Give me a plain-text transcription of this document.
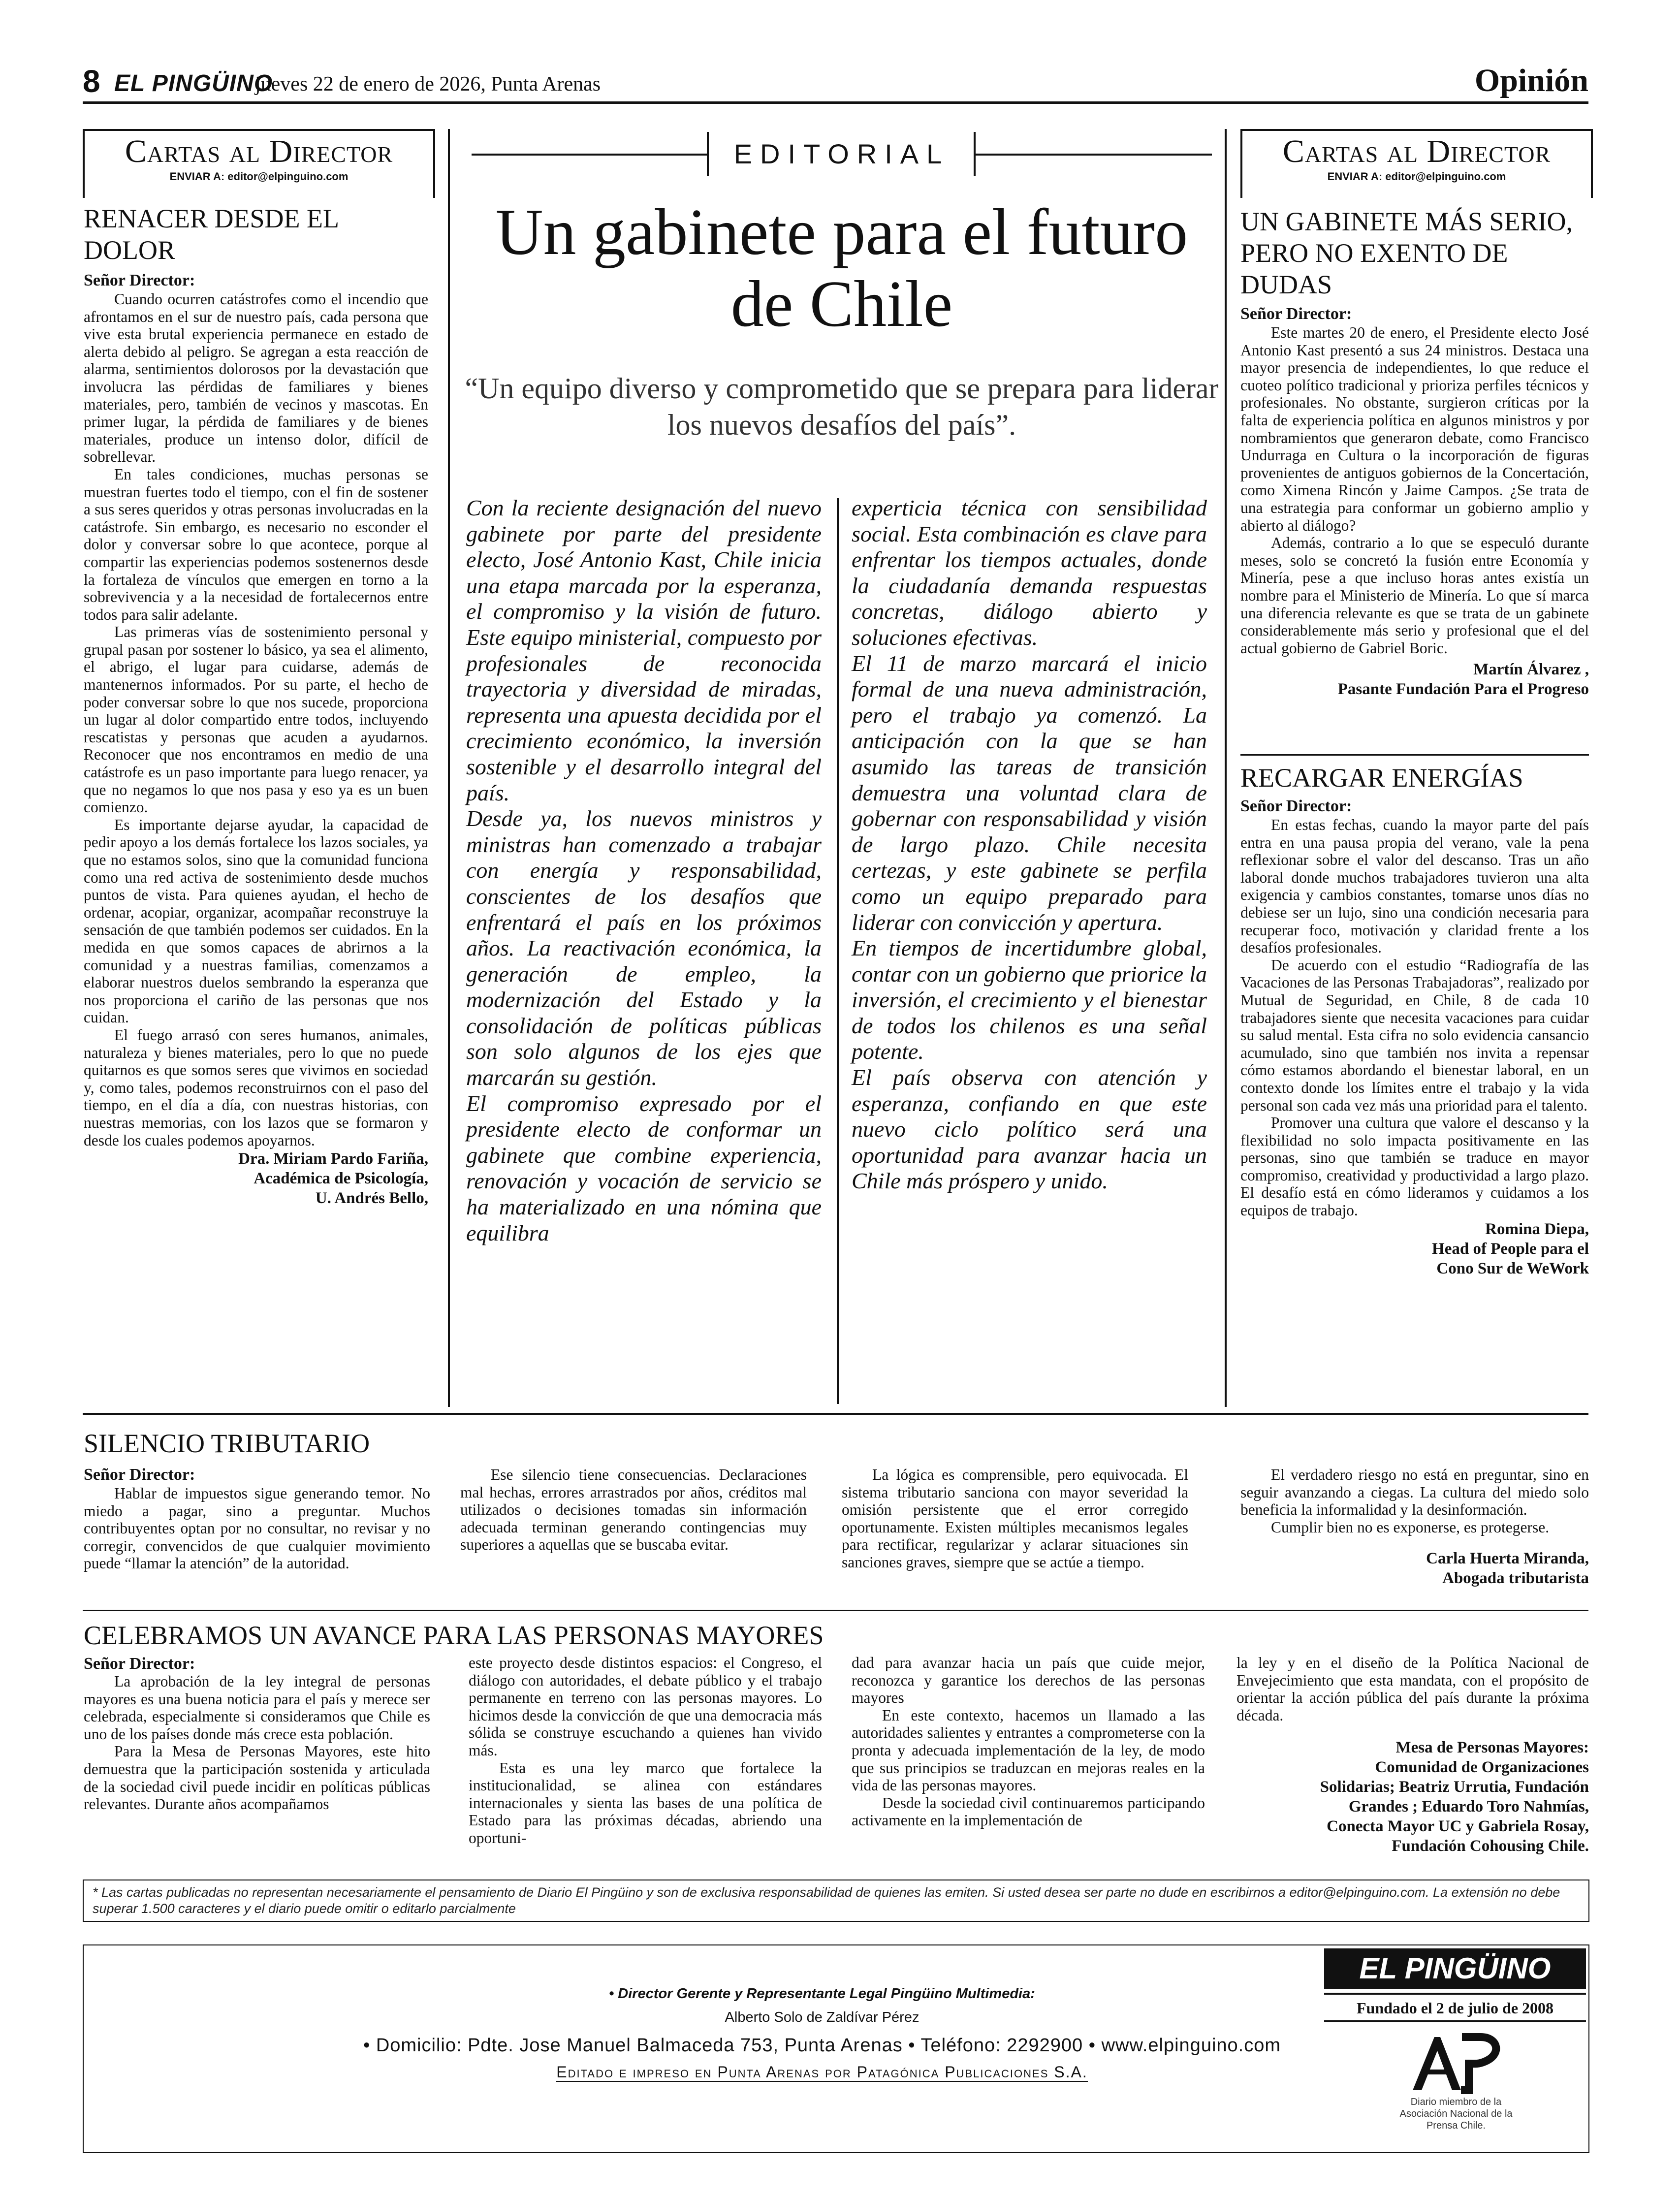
8 EL PINGÜINO
jueves 22 de enero de 2026, Punta Arenas	Opinión
Cartas al Director
ENVIAR A: editor@elpinguino.com
RENACER DESDE EL DOLOR
Señor Director:

Cuando ocurren catástrofes como el incendio que afrontamos en el sur de nuestro país, cada persona que vive esta brutal experiencia permanece en estado de alerta debido al peligro. Se agregan a esta reacción de alarma, sentimientos dolorosos por la devastación que involucra las pérdidas de familiares y bienes materiales, pero, también de vecinos y mascotas. En primer lugar, la pérdida de familiares y de bienes materiales, produce un intenso dolor, difícil de sobrellevar.

En tales condiciones, muchas personas se muestran fuertes todo el tiempo, con el fin de sostener a sus seres queridos y otras personas involucradas en la catástrofe. Sin embargo, es necesario no esconder el dolor y conversar sobre lo que acontece, porque al compartir las experiencias podemos sostenernos desde la fortaleza de vínculos que emergen en torno a la sobrevivencia y a la necesidad de fortalecernos entre todos para salir adelante.

Las primeras vías de sostenimiento personal y grupal pasan por sostener lo básico, ya sea el alimento, el abrigo, el lugar para cuidarse, además de mantenernos informados. Por su parte, el hecho de poder conversar sobre lo que nos sucede, proporciona un lugar al dolor compartido entre todos, incluyendo rescatistas y personas que acuden a ayudarnos. Reconocer que nos encontramos en medio de una catástrofe es un paso importante para luego renacer, ya que no negamos lo que nos pasa y eso ya es un buen comienzo.

Es importante dejarse ayudar, la capacidad de pedir apoyo a los demás fortalece los lazos sociales, ya que no estamos solos, sino que la comunidad funciona como una red activa de sostenimiento desde muchos puntos de vista. Para quienes ayudan, el hecho de ordenar, acopiar, organizar, acompañar reconstruye la sensación de que también podemos ser cuidados. En la medida en que somos capaces de abrirnos a la comunidad y a nuestras familias, comenzamos a elaborar nuestros duelos sembrando la esperanza que nos proporciona el cariño de las personas que nos cuidan.

El fuego arrasó con seres humanos, animales, naturaleza y bienes materiales, pero lo que no puede quitarnos es que somos seres que vivimos en sociedad y, como tales, podemos reconstruirnos con el paso del tiempo, en el día a día, con nuestras historias, con nuestras memorias, con los lazos que se formaron y desde los cuales podemos apoyarnos.

Dra. Miriam Pardo Fariña,
Académica de Psicología,
U. Andrés Bello,
EDITORIAL
Un gabinete para el futuro de Chile
“Un equipo diverso y comprometido que se prepara para liderar los nuevos desafíos del país”.

Con la reciente designación del nuevo gabinete por parte del presidente electo, José Antonio Kast, Chile inicia una etapa marcada por la esperanza, el compromiso y la visión de futuro. Este equipo ministerial, compuesto por profesionales de reconocida trayectoria y diversidad de miradas, representa una apuesta decidida por el crecimiento económico, la inversión sostenible y el desarrollo integral del país.

Desde ya, los nuevos ministros y ministras han comenzado a trabajar con energía y responsabilidad, conscientes de los desafíos que enfrentará el país en los próximos años. La reactivación económica, la generación de empleo, la modernización del Estado y la consolidación de políticas públicas son solo algunos de los ejes que marcarán su gestión.

El compromiso expresado por el presidente electo de conformar un gabinete que combine experiencia, renovación y vocación de servicio se ha materializado en una nómina que equilibra

experticia técnica con sensibilidad social. Esta combinación es clave para enfrentar los tiempos actuales, donde la ciudadanía demanda respuestas concretas, diálogo abierto y soluciones efectivas.

El 11 de marzo marcará el inicio formal de una nueva administración, pero el trabajo ya comenzó. La anticipación con la que se han asumido las tareas de transición demuestra una voluntad clara de gobernar con responsabilidad y visión de largo plazo. Chile necesita certezas, y este gabinete se perfila como un equipo preparado para liderar con convicción y apertura.

En tiempos de incertidumbre global, contar con un gobierno que priorice la inversión, el crecimiento y el bienestar de todos los chilenos es una señal potente.

El país observa con atención y esperanza, confiando en que este nuevo ciclo político será una oportunidad para avanzar hacia un Chile más próspero y unido.

Cartas al Director
ENVIAR A: editor@elpinguino.com
UN GABINETE MÁS SERIO, PERO NO EXENTO DE DUDAS
Señor Director:

Este martes 20 de enero, el Presidente electo José Antonio Kast presentó a sus 24 ministros. Destaca una mayor presencia de independientes, lo que reduce el cuoteo político tradicional y prioriza perfiles técnicos y profesionales. No obstante, surgieron críticas por la falta de experiencia política en algunos ministros y por nombramientos que generaron debate, como Francisco Undurraga en Cultura o la incorporación de figuras provenientes de antiguos gobiernos de la Concertación, como Ximena Rincón y Jaime Campos. ¿Se trata de una estrategia para conformar un gobierno amplio y abierto al diálogo?

Además, contrario a lo que se especuló durante meses, solo se concretó la fusión entre Economía y Minería, pese a que incluso horas antes existía un nombre para el Ministerio de Minería. Lo que sí marca una diferencia relevante es que se trata de un gabinete considerablemente más serio y profesional que el del actual gobierno de Gabriel Boric.

Martín Álvarez ,
Pasante Fundación Para el Progreso
RECARGAR ENERGÍAS
Señor Director:

En estas fechas, cuando la mayor parte del país entra en una pausa propia del verano, vale la pena reflexionar sobre el valor del descanso. Tras un año laboral donde muchos trabajadores tuvieron una alta exigencia y cambios constantes, tomarse unos días no debiese ser un lujo, sino una condición necesaria para recuperar foco, motivación y claridad frente a los desafíos profesionales.

De acuerdo con el estudio “Radiografía de las Vacaciones de las Personas Trabajadoras”, realizado por Mutual de Seguridad, en Chile, 8 de cada 10 trabajadores siente que necesita vacaciones para cuidar su salud mental. Esta cifra no solo evidencia cansancio acumulado, sino que también nos invita a repensar cómo estamos abordando el bienestar laboral, en un contexto donde los límites entre el trabajo y la vida personal son cada vez más una prioridad para el talento.

Promover una cultura que valore el descanso y la flexibilidad no solo impacta positivamente en las personas, sino que también se traduce en mayor compromiso, creatividad y productividad a largo plazo. El desafío está en cómo lideramos y cuidamos a los equipos de trabajo.

Romina Diepa,
Head of People para el
Cono Sur de WeWork
SILENCIO TRIBUTARIO
Señor Director:

Hablar de impuestos sigue generando temor. No miedo a pagar, sino a preguntar. Muchos contribuyentes optan por no consultar, no revisar y no corregir, convencidos de que cualquier movimiento puede “llamar la atención” de la autoridad.

Ese silencio tiene consecuencias. Declaraciones mal hechas, errores arrastrados por años, créditos mal utilizados o decisiones tomadas sin información adecuada terminan generando contingencias muy superiores a aquellas que se buscaba evitar.

La lógica es comprensible, pero equivocada. El sistema tributario sanciona con mayor severidad la omisión persistente que el error corregido oportunamente. Existen múltiples mecanismos legales para rectificar, regularizar y aclarar situaciones sin sanciones graves, siempre que se actúe a tiempo.

El verdadero riesgo no está en preguntar, sino en seguir avanzando a ciegas. La cultura del miedo solo beneficia la informalidad y la desinformación.

Cumplir bien no es exponerse, es protegerse.

Carla Huerta Miranda,
Abogada tributarista
CELEBRAMOS UN AVANCE PARA LAS PERSONAS MAYORES
Señor Director:

La aprobación de la ley integral de personas mayores es una buena noticia para el país y merece ser celebrada, especialmente si consideramos que Chile es uno de los países donde más crece esta población.

Para la Mesa de Personas Mayores, este hito demuestra que la participación sostenida y articulada de la sociedad civil puede incidir en políticas públicas relevantes. Durante años acompañamos

este proyecto desde distintos espacios: el Congreso, el diálogo con autoridades, el debate público y el trabajo permanente en terreno con las personas mayores. Lo hicimos desde la convicción de que una democracia más sólida se construye escuchando a quienes han vivido más.

Esta es una ley marco que fortalece la institucionalidad, se alinea con estándares internacionales y sienta las bases de una política de Estado para las próximas décadas, abriendo una oportuni-

dad para avanzar hacia un país que cuide mejor, reconozca y garantice los derechos de las personas mayores

En este contexto, hacemos un llamado a las autoridades salientes y entrantes a comprometerse con la pronta y adecuada implementación de la ley, de modo que sus principios se traduzcan en mejoras reales en la vida de las personas mayores.

Desde la sociedad civil continuaremos participando activamente en la implementación de

la ley y en el diseño de la Política Nacional de Envejecimiento que esta mandata, con el propósito de orientar la acción pública del país durante la próxima década.

Mesa de Personas Mayores:
Comunidad de Organizaciones
Solidarias; Beatriz Urrutia, Fundación
Grandes ; Eduardo Toro Nahmías,
Conecta Mayor UC y Gabriela Rosay,
Fundación Cohousing Chile.
* Las cartas publicadas no representan necesariamente el pensamiento de Diario El Pingüino y son de exclusiva responsabilidad de quienes las emiten. Si usted desea ser parte no dude en escribirnos a editor@elpinguino.com. La extensión no debe superar 1.500 caracteres y el diario puede omitir o editarlo parcialmente
• Director Gerente y Representante Legal Pingüino Multimedia:
Alberto Solo de Zaldívar Pérez
• Domicilio: Pdte. Jose Manuel Balmaceda 753, Punta Arenas • Teléfono: 2292900 • www.elpinguino.com
Editado e impreso en Punta Arenas por Patagónica Publicaciones S.A.
EL PINGÜINO
Fundado el 2 de julio de 2008
Diario miembro de la Asociación Nacional de la Prensa Chile.
